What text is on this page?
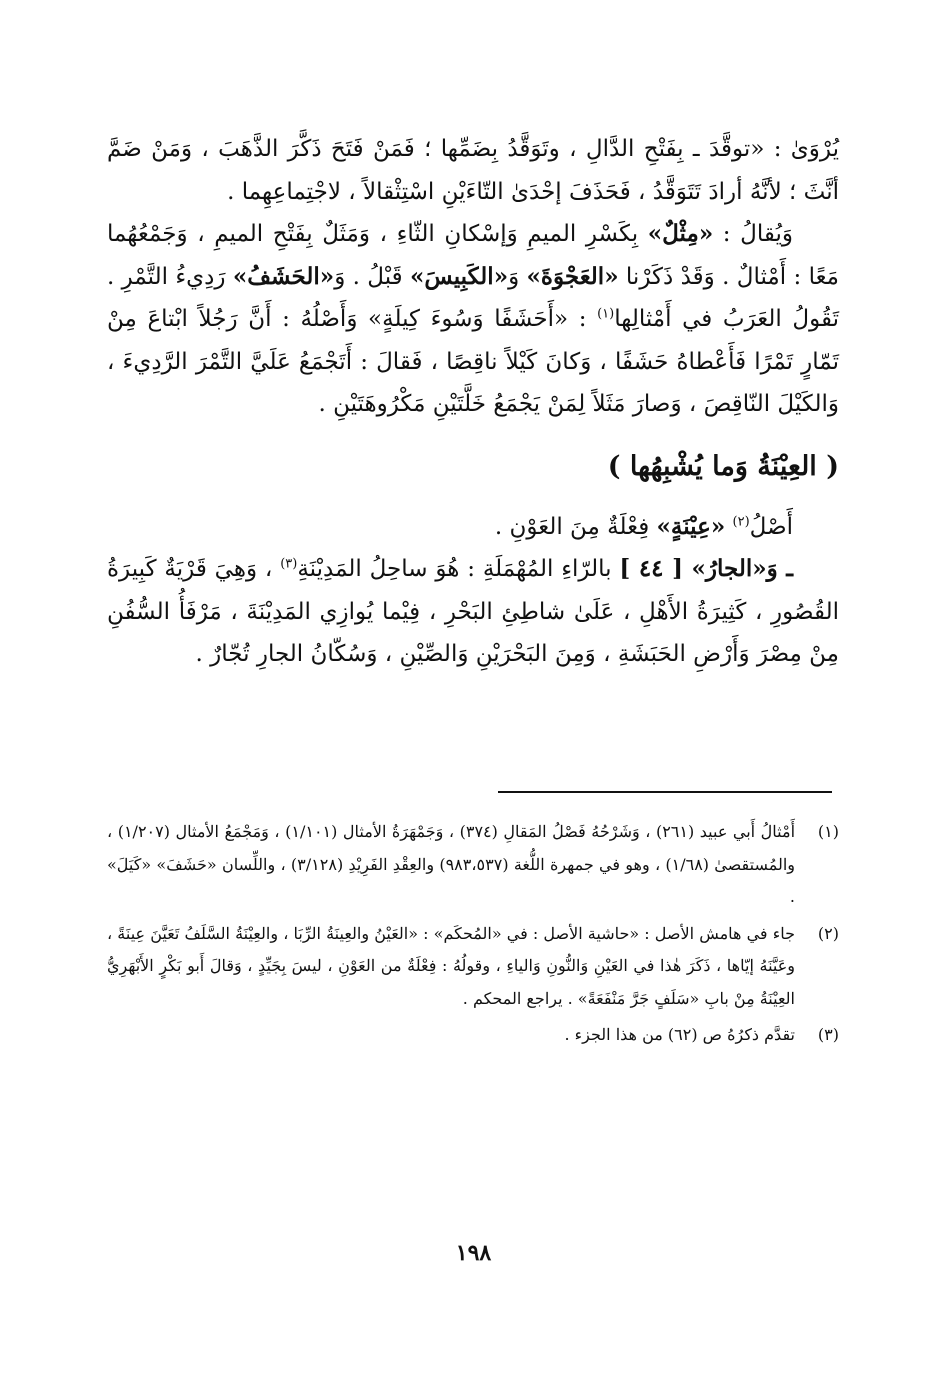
يُرْوَىٰ : «توقَّدَ ـ بِفَتْحِ الدَّالِ ، وتَوَقَّدُ بِضَمِّها ؛ فَمَنْ فَتَحَ ذَكَّرَ الذَّهَبَ ، وَمَنْ ضَمَّ أنَّثَ ؛ لأنَّهُ أرادَ تَتَوَقَّدُ ، فَحَذَفَ إحْدَىٰ التّاءَيْنِ اسْتِثْقالاً ، لاجْتِماعِهِما .

وَيُقالُ : «مِثْلٌ» بِكَسْرِ الميمِ وَإسْكانِ الثّاءِ ، وَمَثَلٌ بِفَتْحِ الميمِ ، وَجَمْعُهُما مَعًا : أَمْثالٌ . وَقَدْ ذَكَرْنا «العَجْوَةَ» وَ«الكَبِيسَ» قَبْلُ . وَ«الحَشَفُ» رَدِيءُ التَّمْرِ . تَقُولُ العَرَبُ في أَمْثالِها$^{(١)}$ : «أَحَشَفًا وَسُوءَ كِيلَةٍ» وَأَصْلُهُ : أَنَّ رَجُلاً ابْتاعَ مِنْ تَمّارٍ تَمْرًا فَأَعْطاهُ حَشَفًا ، وَكانَ كَيْلاً ناقِصًا ، فَقالَ : أَتَجْمَعُ عَلَيَّ التَّمْرَ الرَّدِيءَ ، وَالكَيْلَ النّاقِصَ ، وَصارَ مَثَلاً لِمَنْ يَجْمَعُ خَلَّتَيْنِ مَكْرُوهَتَيْنِ .

( العِيْنَةُ وَما يُشْبِهُها )

أَصْلُ$^{(٢)}$ «عِيْنَةٍ» فِعْلَةٌ مِنَ العَوْنِ .

ـ وَ«الجارُ» [ ٤٤ ] بالرّاءِ المُهْمَلَةِ : هُوَ ساحِلُ المَدِيْنَةِ$^{(٣)}$ ، وَهِيَ قَرْيَةٌ كَبِيرَةُ القُصُورِ ، كَثِيرَةُ الأَهْلِ ، عَلَىٰ شاطِئِ البَحْرِ ، فِيْما يُوازِي المَدِيْنَةَ ، مَرْفَأُ السُّفُنِ مِنْ مِصْرَ وَأَرْضِ الحَبَشَةِ ، وَمِنَ البَحْرَيْنِ وَالصِّيْنِ ، وَسُكّانُ الجارِ تُجّارٌ .

(١)
أَمْثالُ أَبي عبيد (٢٦١) ، وَشَرْحُهُ فَصْلُ المَقالِ (٣٧٤) ، وَجَمْهَرَةُ الأمثال (١/١٠١) ، وَمَجْمَعُ الأمثال (١/٢٠٧) ، والمُستقصىٰ (١/٦٨) ، وهو في جمهرة اللُّغة (٩٨٣،٥٣٧) والعِقْدِ الفَرِيْدِ (٣/١٢٨) ، واللِّسان «حَشَفَ» «كَيَلَ» .
(٢)
جاء في هامش الأصل : «حاشية الأصل : في «المُحكَم» : «العَيْنُ والعِينَةُ الرِّبَا ، والعِيْنَةُ السَّلَفُ تَعَيَّنَ عِينَةً ، وعَيَّنَهُ إيّاها ، ذَكَرَ هٰذا في العَيْنِ وَالنُّونِ وَالياءِ ، وقولُهُ : فِعْلَةٌ من العَوْنِ ، ليسَ بِجَيِّدٍ ، وَقالَ أَبو بَكْرٍ الأَبْهَرِيُّ العِيْنَةُ مِنْ بابِ «سَلَفٍ جَرَّ مَنْفَعَةً» . يراجع المحكم .
(٣)
تقدَّم ذكرُهُ ص (٦٢) من هذا الجزء .
١٩٨
